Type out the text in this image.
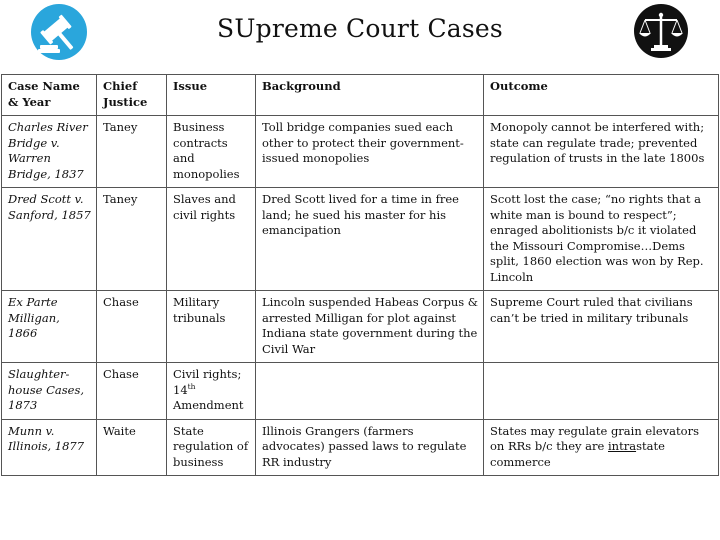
SUpreme Court Cases
Case Name & Year	Chief Justice	Issue	Background	Outcome
Charles River Bridge v. Warren Bridge, 1837	Taney	Business contracts and monopolies	Toll bridge companies sued each other to protect their government-issued monopolies	Monopoly cannot be interfered with; state can regulate trade; prevented regulation of trusts in the late 1800s
Dred Scott v. Sanford, 1857	Taney	Slaves and civil rights	Dred Scott lived for a time in free land; he sued his master for his emancipation	Scott lost the case; “no rights that a white man is bound to respect”; enraged abolitionists b/c it violated the Missouri Compromise…Dems split, 1860 election was won by Rep. Lincoln
Ex Parte Milligan, 1866	Chase	Military tribunals	Lincoln suspended Habeas Corpus & arrested Milligan for plot against Indiana state government during the Civil War	Supreme Court ruled that civilians can’t be tried in military tribunals
Slaughter-house Cases, 1873	Chase	Civil rights; 14th Amendment		
Munn v. Illinois, 1877	Waite	State regulation of business	Illinois Grangers (farmers advocates) passed laws to regulate RR industry	States may regulate grain elevators on RRs b/c they are intrastate commerce
